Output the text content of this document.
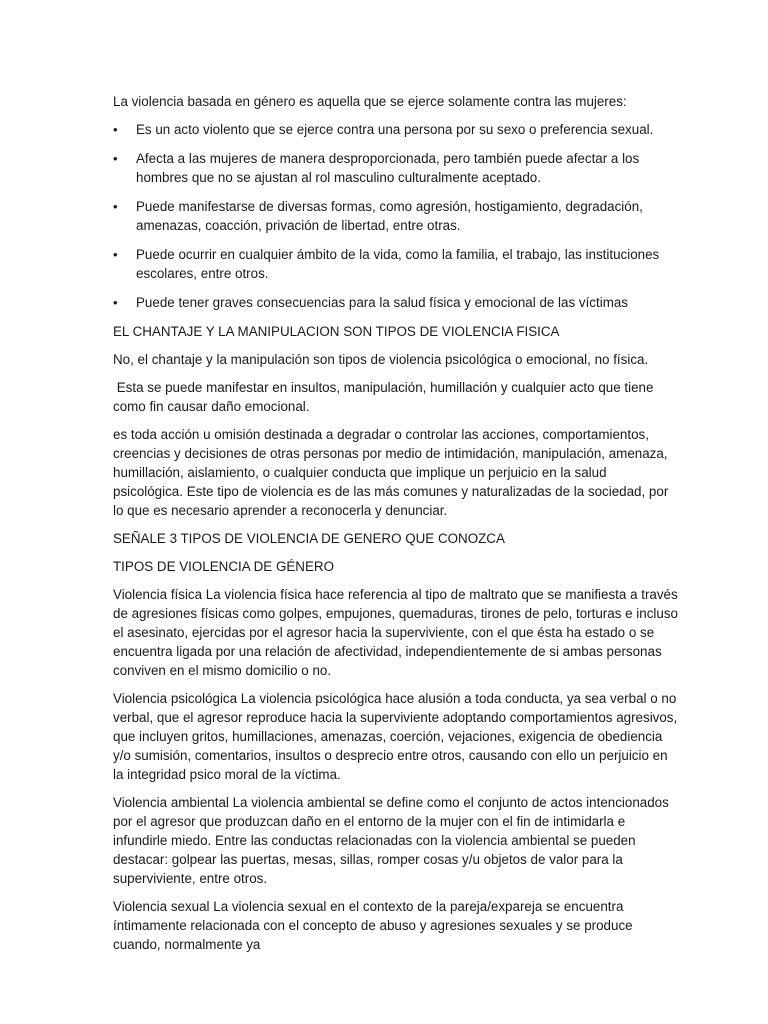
La violencia basada en género es aquella que se ejerce solamente contra las mujeres:

• Es un acto violento que se ejerce contra una persona por su sexo o preferencia sexual.
• Afecta a las mujeres de manera desproporcionada, pero también puede afectar a los hombres que no se ajustan al rol masculino culturalmente aceptado.
• Puede manifestarse de diversas formas, como agresión, hostigamiento, degradación, amenazas, coacción, privación de libertad, entre otras.
• Puede ocurrir en cualquier ámbito de la vida, como la familia, el trabajo, las instituciones escolares, entre otros.
• Puede tener graves consecuencias para la salud física y emocional de las víctimas

EL CHANTAJE Y LA MANIPULACION SON TIPOS DE VIOLENCIA FISICA

No, el chantaje y la manipulación son tipos de violencia psicológica o emocional, no física.

Esta se puede manifestar en insultos, manipulación, humillación y cualquier acto que tiene como fin causar daño emocional.

es toda acción u omisión destinada a degradar o controlar las acciones, comportamientos, creencias y decisiones de otras personas por medio de intimidación, manipulación, amenaza, humillación, aislamiento, o cualquier conducta que implique un perjuicio en la salud psicológica. Este tipo de violencia es de las más comunes y naturalizadas de la sociedad, por lo que es necesario aprender a reconocerla y denunciar.

SEÑALE 3 TIPOS DE VIOLENCIA DE GENERO QUE CONOZCA

TIPOS DE VIOLENCIA DE GÉNERO

Violencia física La violencia física hace referencia al tipo de maltrato que se manifiesta a través de agresiones físicas como golpes, empujones, quemaduras, tirones de pelo, torturas e incluso el asesinato, ejercidas por el agresor hacia la superviviente, con el que ésta ha estado o se encuentra ligada por una relación de afectividad, independientemente de si ambas personas conviven en el mismo domicilio o no.

Violencia psicológica La violencia psicológica hace alusión a toda conducta, ya sea verbal o no verbal, que el agresor reproduce hacia la superviviente adoptando comportamientos agresivos, que incluyen gritos, humillaciones, amenazas, coerción, vejaciones, exigencia de obediencia y/o sumisión, comentarios, insultos o desprecio entre otros, causando con ello un perjuicio en la integridad psico moral de la víctima.

Violencia ambiental La violencia ambiental se define como el conjunto de actos intencionados por el agresor que produzcan daño en el entorno de la mujer con el fin de intimidarla e infundirle miedo. Entre las conductas relacionadas con la violencia ambiental se pueden destacar: golpear las puertas, mesas, sillas, romper cosas y/u objetos de valor para la superviviente, entre otros.

Violencia sexual La violencia sexual en el contexto de la pareja/expareja se encuentra íntimamente relacionada con el concepto de abuso y agresiones sexuales y se produce cuando, normalmente ya
